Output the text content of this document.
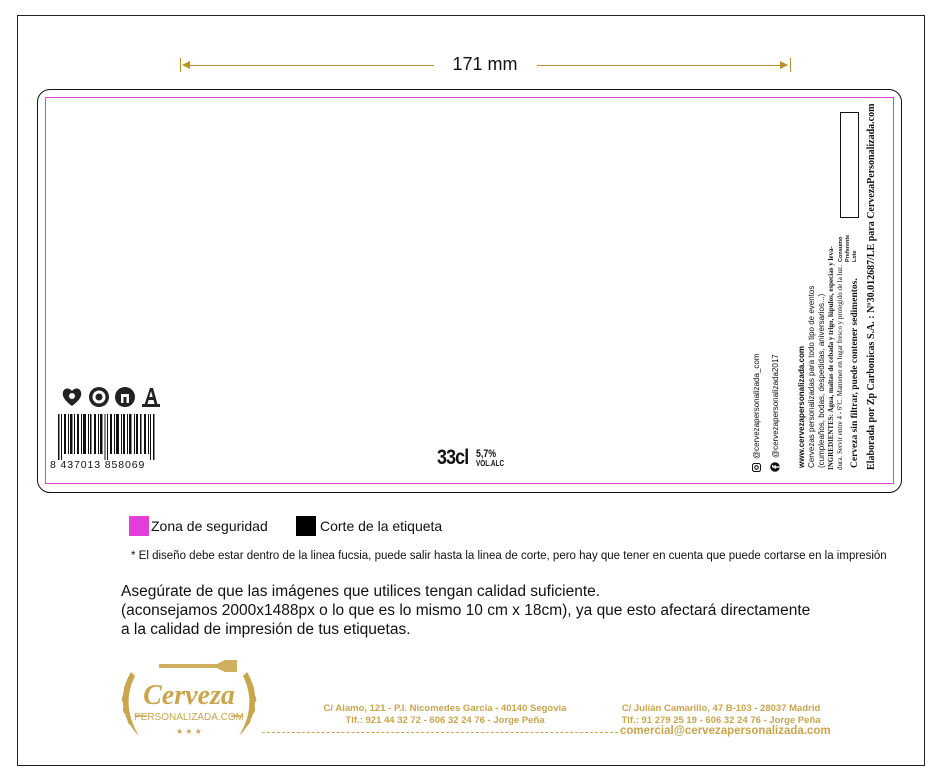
171 mm
8 437013 858069	33cl 5,7%
VOL.ALC
@cervezapersonalizada_com @cervezapersonalizada2017 www.cervezapersonalizada.com Cervezas personalizadas para todo tipo de eventos (cumpleaños, bodas, despedidas, aniversarios...) INGREDIENTES: Agua, maltas de cebada y trigo, lúpulos, especias y leva- dura. Servir entre 4 - 6ºC. Mantener en lugar fresco y protegido de la luz. Cerveza sin filtrar, puede contener sedimentos. Elaborada por Zp Carbonicas S.A. : Nº30.012687/LE para CervezaPersonalizada.com
Consumo Preferente Lote
Zona de seguridad	Corte de la etiqueta
* El diseño debe estar dentro de la linea fucsia, puede salir hasta la linea de corte, pero hay que tener en cuenta que puede cortarse en la impresión
Asegúrate de que las imágenes que utilices tengan calidad suficiente.
(aconsejamos 2000x1488px o lo que es lo mismo 10 cm x 18cm), ya que esto afectará directamente
a la calidad de impresión de tus etiquetas.
Cerveza
PERSONALIZADA.COM
★ ★ ★
C/ Alamo, 121 - P.I. Nicomedes Garcia - 40140 Segovia
Tlf.: 921 44 32 72 - 606 32 24 76 - Jorge Peña
C/ Julián Camarillo, 47 B-103 - 28037 Madrid
Tlf.: 91 279 25 19 - 606 32 24 76 - Jorge Peña
comercial@cervezapersonalizada.com
